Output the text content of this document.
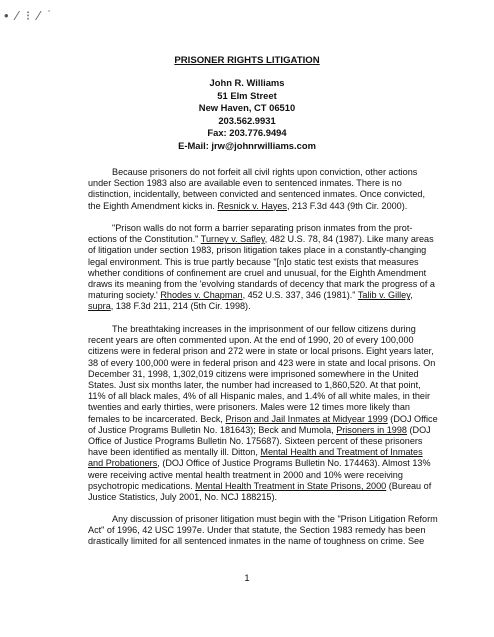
• ∕ ⁝ ∕ ˙
PRISONER RIGHTS LITIGATION
John R. Williams
51 Elm Street
New Haven, CT 06510
203.562.9931
Fax: 203.776.9494
E-Mail: jrw@johnrwilliams.com
Because prisoners do not forfeit all civil rights upon conviction, other actions
under Section 1983 also are available even to sentenced inmates. There is no
distinction, incidentally, between convicted and sentenced inmates. Once convicted,
the Eighth Amendment kicks in. Resnick v. Hayes, 213 F.3d 443 (9th Cir. 2000).
"Prison walls do not form a barrier separating prison inmates from the prot-
ections of the Constitution." Turney v. Safley, 482 U.S. 78, 84 (1987). Like many areas
of litigation under section 1983, prison litigation takes place in a constantly-changing
legal environment. This is true partly because "[n]o static test exists that measures
whether conditions of confinement are cruel and unusual, for the Eighth Amendment
draws its meaning from the 'evolving standards of decency that mark the progress of a
maturing society.' Rhodes v. Chapman, 452 U.S. 337, 346 (1981)." Talib v. Gilley,
supra, 138 F.3d 211, 214 (5th Cir. 1998).
The breathtaking increases in the imprisonment of our fellow citizens during
recent years are often commented upon. At the end of 1990, 20 of every 100,000
citizens were in federal prison and 272 were in state or local prisons. Eight years later,
38 of every 100,000 were in federal prison and 423 were in state and local prisons. On
December 31, 1998, 1,302,019 citizens were imprisoned somewhere in the United
States. Just six months later, the number had increased to 1,860,520. At that point,
11% of all black males, 4% of all Hispanic males, and 1.4% of all white males, in their
twenties and early thirties, were prisoners. Males were 12 times more likely than
females to be incarcerated. Beck, Prison and Jail Inmates at Midyear 1999 (DOJ Office
of Justice Programs Bulletin No. 181643); Beck and Mumola, Prisoners in 1998 (DOJ
Office of Justice Programs Bulletin No. 175687). Sixteen percent of these prisoners
have been identified as mentally ill. Ditton, Mental Health and Treatment of Inmates
and Probationers, (DOJ Office of Justice Programs Bulletin No. 174463). Almost 13%
were receiving active mental health treatment in 2000 and 10% were receiving
psychotropic medications. Mental Health Treatment in State Prisons, 2000 (Bureau of
Justice Statistics, July 2001, No. NCJ 188215).
Any discussion of prisoner litigation must begin with the "Prison Litigation Reform
Act" of 1996, 42 USC 1997e. Under that statute, the Section 1983 remedy has been
drastically limited for all sentenced inmates in the name of toughness on crime. See
1
